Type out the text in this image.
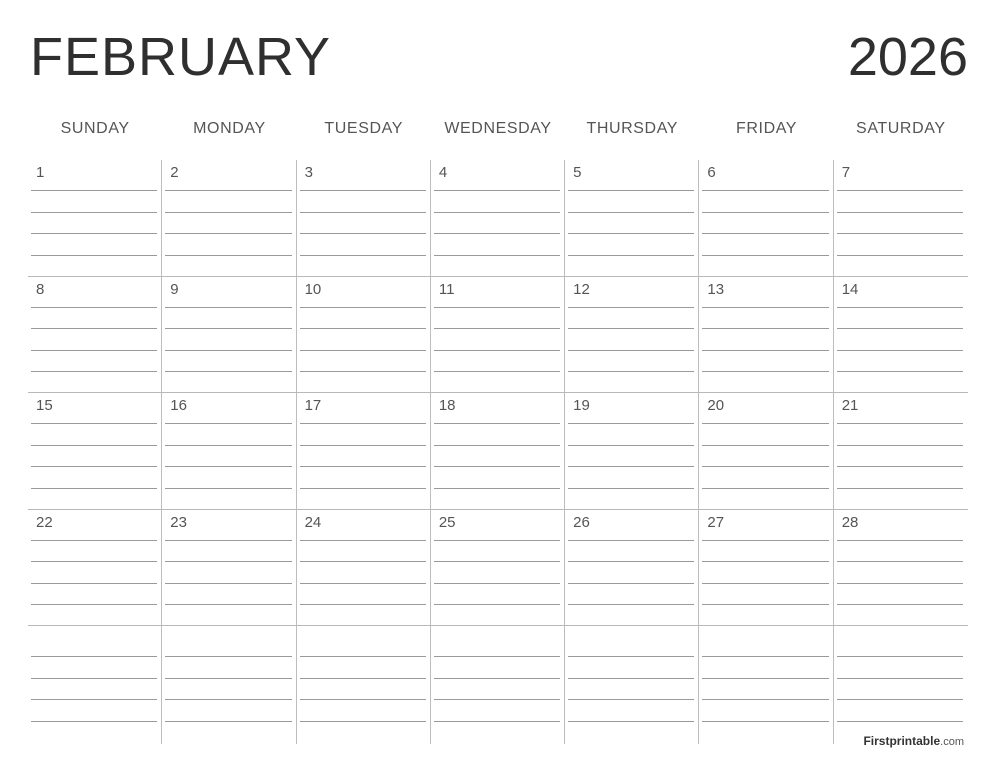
FEBRUARY	2026
SUNDAY	MONDAY	TUESDAY	WEDNESDAY	THURSDAY	FRIDAY	SATURDAY
1	2	3	4	5	6	7
8	9	10	11	12	13	14
15	16	17	18	19	20	21
22	23	24	25	26	27	28
Firstprintable.com
